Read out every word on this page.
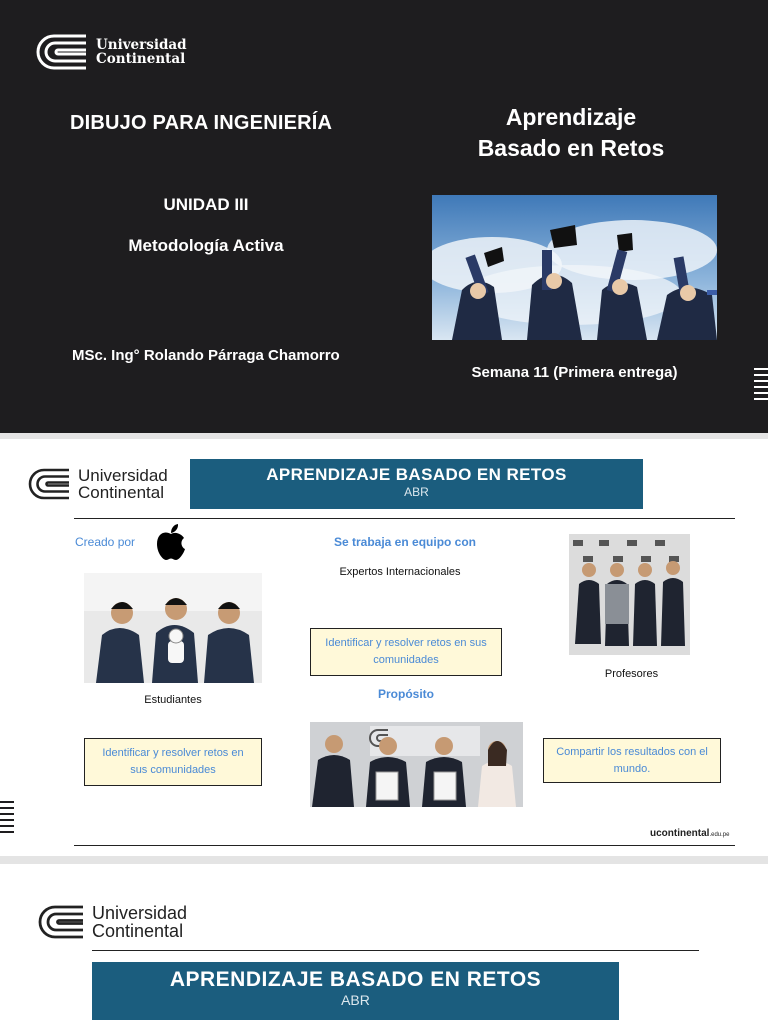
Universidad
Continental
DIBUJO PARA INGENIERÍA	Aprendizaje
Basado en Retos
UNIDAD III
Metodología Activa
MSc. Ing° Rolando Párraga Chamorro
Semana 11 (Primera entrega)
Universidad
Continental
APRENDIZAJE BASADO EN RETOS
ABR
Creado por	Se trabaja en equipo con
Expertos Internacionales
Estudiantes
Profesores
Identificar y resolver retos en sus comunidades
Propósito
Identificar y resolver retos en sus comunidades
Compartir los resultados con el mundo.
ucontinental.edu.pe
Universidad
Continental
APRENDIZAJE BASADO EN RETOS
ABR
